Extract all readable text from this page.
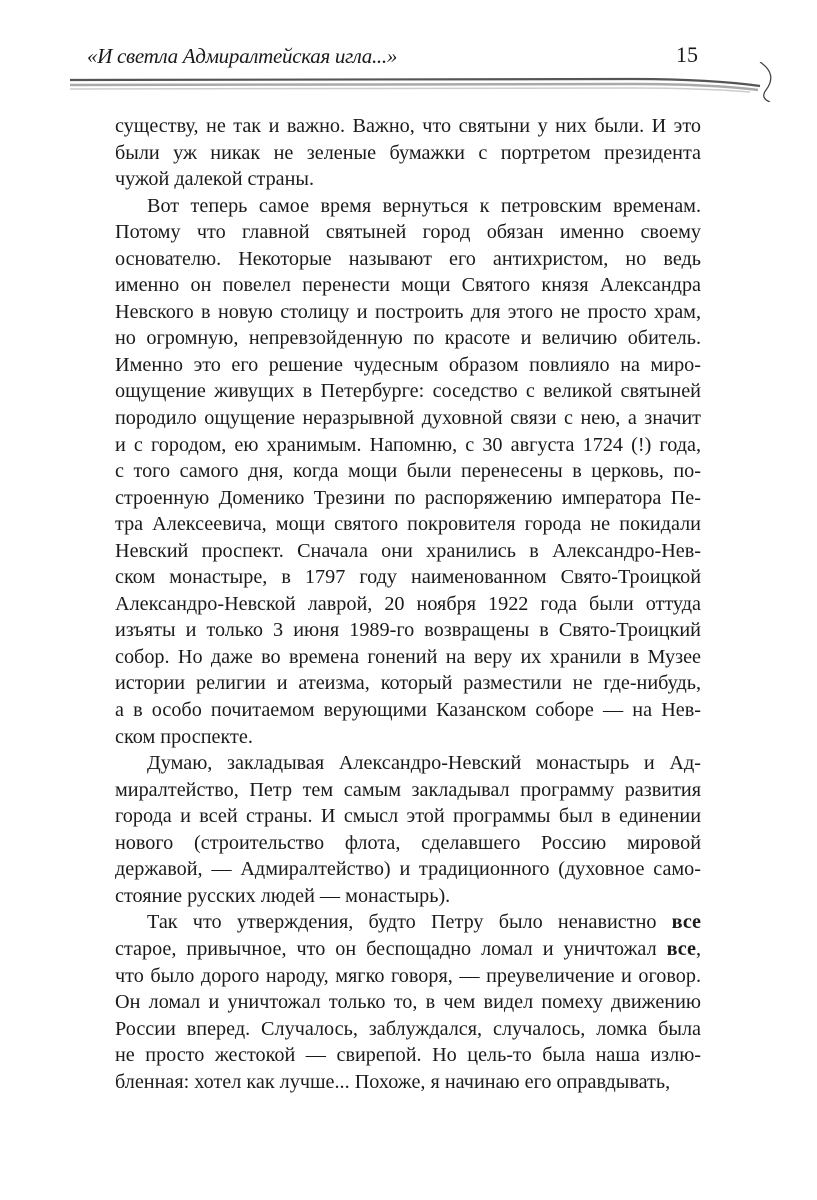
«И светла Адмиралтейская игла...»	15
существу, не так и важно. Важно, что святыни у них были. И это
были уж никак не зеленые бумажки с портретом президента
чужой далекой страны.
Вот теперь самое время вернуться к петровским временам.
Потому что главной святыней город обязан именно своему
основателю. Некоторые называют его антихристом, но ведь
именно он повелел перенести мощи Святого князя Александра
Невского в новую столицу и построить для этого не просто храм,
но огромную, непревзойденную по красоте и величию обитель.
Именно это его решение чудесным образом повлияло на миро-
ощущение живущих в Петербурге: соседство с великой святыней
породило ощущение неразрывной духовной связи с нею, а значит
и с городом, ею хранимым. Напомню, с 30 августа 1724 (!) года,
с того самого дня, когда мощи были перенесены в церковь, по-
строенную Доменико Трезини по распоряжению императора Пе-
тра Алексеевича, мощи святого покровителя города не покидали
Невский проспект. Сначала они хранились в Александро-Нев-
ском монастыре, в 1797 году наименованном Свято-Троицкой
Александро-Невской лаврой, 20 ноября 1922 года были оттуда
изъяты и только 3 июня 1989-го возвращены в Свято-Троицкий
собор. Но даже во времена гонений на веру их хранили в Музее
истории религии и атеизма, который разместили не где-нибудь,
а в особо почитаемом верующими Казанском соборе — на Нев-
ском проспекте.
Думаю, закладывая Александро-Невский монастырь и Ад-
миралтейство, Петр тем самым закладывал программу развития
города и всей страны. И смысл этой программы был в единении
нового (строительство флота, сделавшего Россию мировой
державой, — Адмиралтейство) и традиционного (духовное само-
стояние русских людей — монастырь).
Так что утверждения, будто Петру было ненавистно все
старое, привычное, что он беспощадно ломал и уничтожал все,
что было дорого народу, мягко говоря, — преувеличение и оговор.
Он ломал и уничтожал только то, в чем видел помеху движению
России вперед. Случалось, заблуждался, случалось, ломка была
не просто жестокой — свирепой. Но цель-то была наша излю-
бленная: хотел как лучше... Похоже, я начинаю его оправдывать,
